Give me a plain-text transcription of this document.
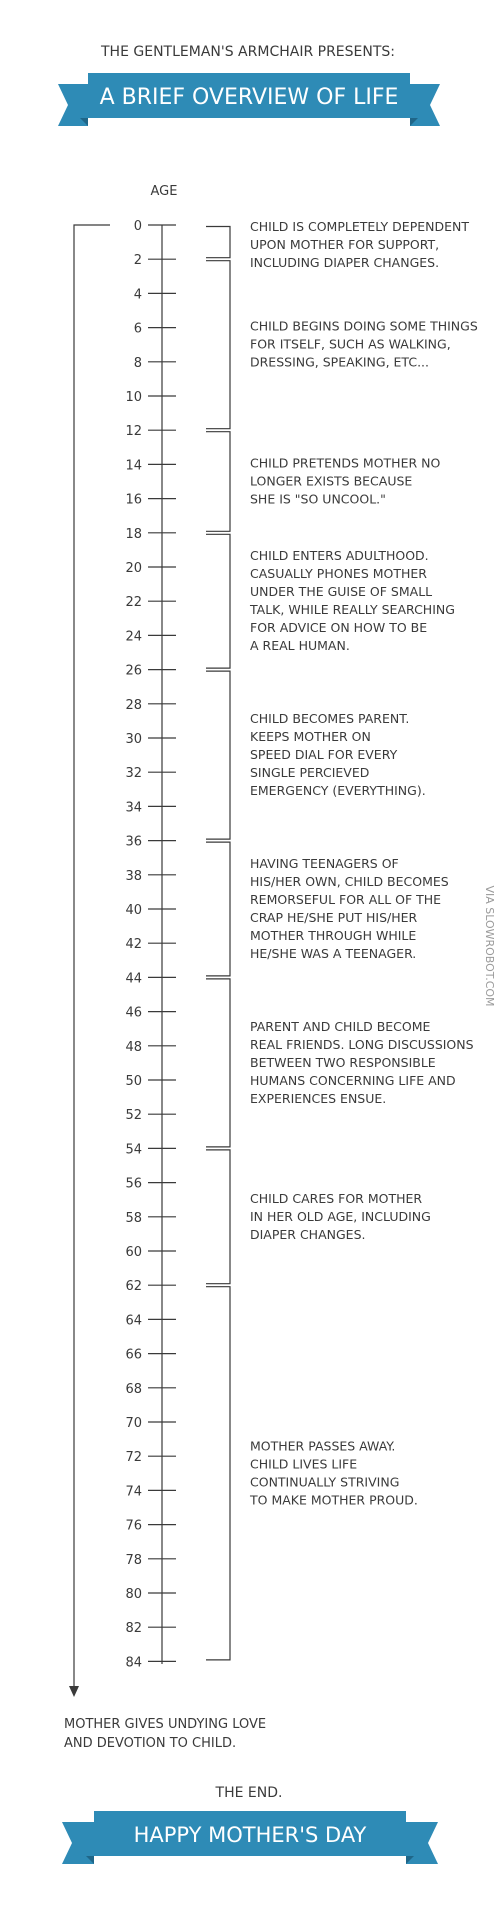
THE GENTLEMAN'S ARMCHAIR PRESENTS:
A BRIEF OVERVIEW OF LIFE
AGE
0
2
4
6
8
10
12
14
16
18
20
22
24
26
28
30
32
34
36
38
40
42
44
46
48
50
52
54
56
58
60
62
64
66
68
70
72
74
76
78
80
82
84
CHILD IS COMPLETELY DEPENDENT
UPON MOTHER FOR SUPPORT,
INCLUDING DIAPER CHANGES.
CHILD BEGINS DOING SOME THINGS
FOR ITSELF, SUCH AS WALKING,
DRESSING, SPEAKING, ETC...
CHILD PRETENDS MOTHER NO
LONGER EXISTS BECAUSE
SHE IS "SO UNCOOL."
CHILD ENTERS ADULTHOOD.
CASUALLY PHONES MOTHER
UNDER THE GUISE OF SMALL
TALK, WHILE REALLY SEARCHING
FOR ADVICE ON HOW TO BE
A REAL HUMAN.
CHILD BECOMES PARENT.
KEEPS MOTHER ON
SPEED DIAL FOR EVERY
SINGLE PERCIEVED
EMERGENCY (EVERYTHING).
HAVING TEENAGERS OF
HIS/HER OWN, CHILD BECOMES
REMORSEFUL FOR ALL OF THE
CRAP HE/SHE PUT HIS/HER
MOTHER THROUGH WHILE
HE/SHE WAS A TEENAGER.
PARENT AND CHILD BECOME
REAL FRIENDS. LONG DISCUSSIONS
BETWEEN TWO RESPONSIBLE
HUMANS CONCERNING LIFE AND
EXPERIENCES ENSUE.
CHILD CARES FOR MOTHER
IN HER OLD AGE, INCLUDING
DIAPER CHANGES.
MOTHER PASSES AWAY.
CHILD LIVES LIFE
CONTINUALLY STRIVING
TO MAKE MOTHER PROUD.
MOTHER GIVES UNDYING LOVE
AND DEVOTION TO CHILD.
THE END.
HAPPY MOTHER'S DAY
VIA SLOWROBOT.COM
